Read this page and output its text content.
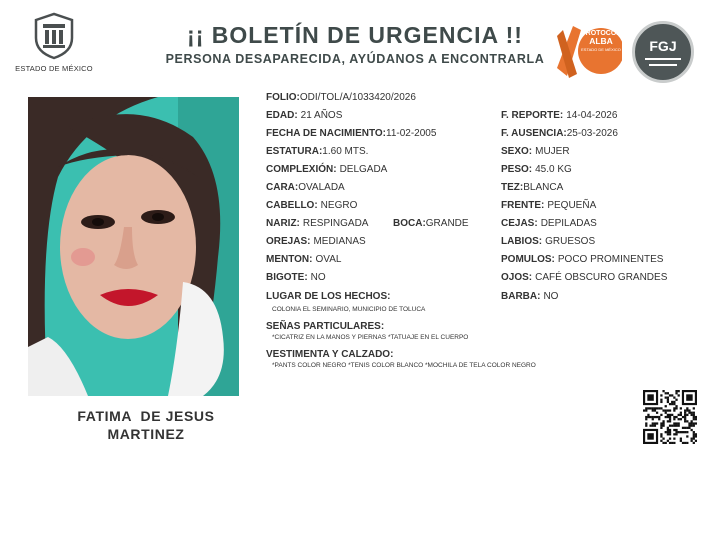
ESTADO DE MÉXICO
¡¡ BOLETÍN DE URGENCIA !!
PERSONA DESAPARECIDA, AYÚDANOS A ENCONTRARLA
PROTOCOLO
ALBA
ESTADO DE MÉXICO	FGJ
FATIMA  DE JESUS
MARTINEZ
FOLIO:ODI/TOL/A/1033420/2026
EDAD: 21 AÑOS
FECHA DE NACIMIENTO:11-02-2005
ESTATURA:1.60 MTS.
COMPLEXIÓN: DELGADA
CARA:OVALADA
CABELLO: NEGRO
NARIZ: RESPINGADA BOCA:GRANDE
OREJAS: MEDIANAS
MENTON: OVAL
BIGOTE: NO
LUGAR DE LOS HECHOS:
COLONIA EL SEMINARIO, MUNICIPIO DE TOLUCA
SEÑAS PARTICULARES:
*CICATRIZ EN LA MANOS Y PIERNAS *TATUAJE EN EL CUERPO
VESTIMENTA Y CALZADO:
*PANTS COLOR NEGRO *TENIS COLOR BLANCO *MOCHILA DE TELA COLOR NEGRO
F. REPORTE: 14-04-2026
F. AUSENCIA:25-03-2026
SEXO: MUJER
PESO: 45.0 KG
TEZ:BLANCA
FRENTE: PEQUEÑA
CEJAS: DEPILADAS
LABIOS: GRUESOS
POMULOS: POCO PROMINENTES
OJOS: CAFÉ OBSCURO GRANDES
BARBA: NO
